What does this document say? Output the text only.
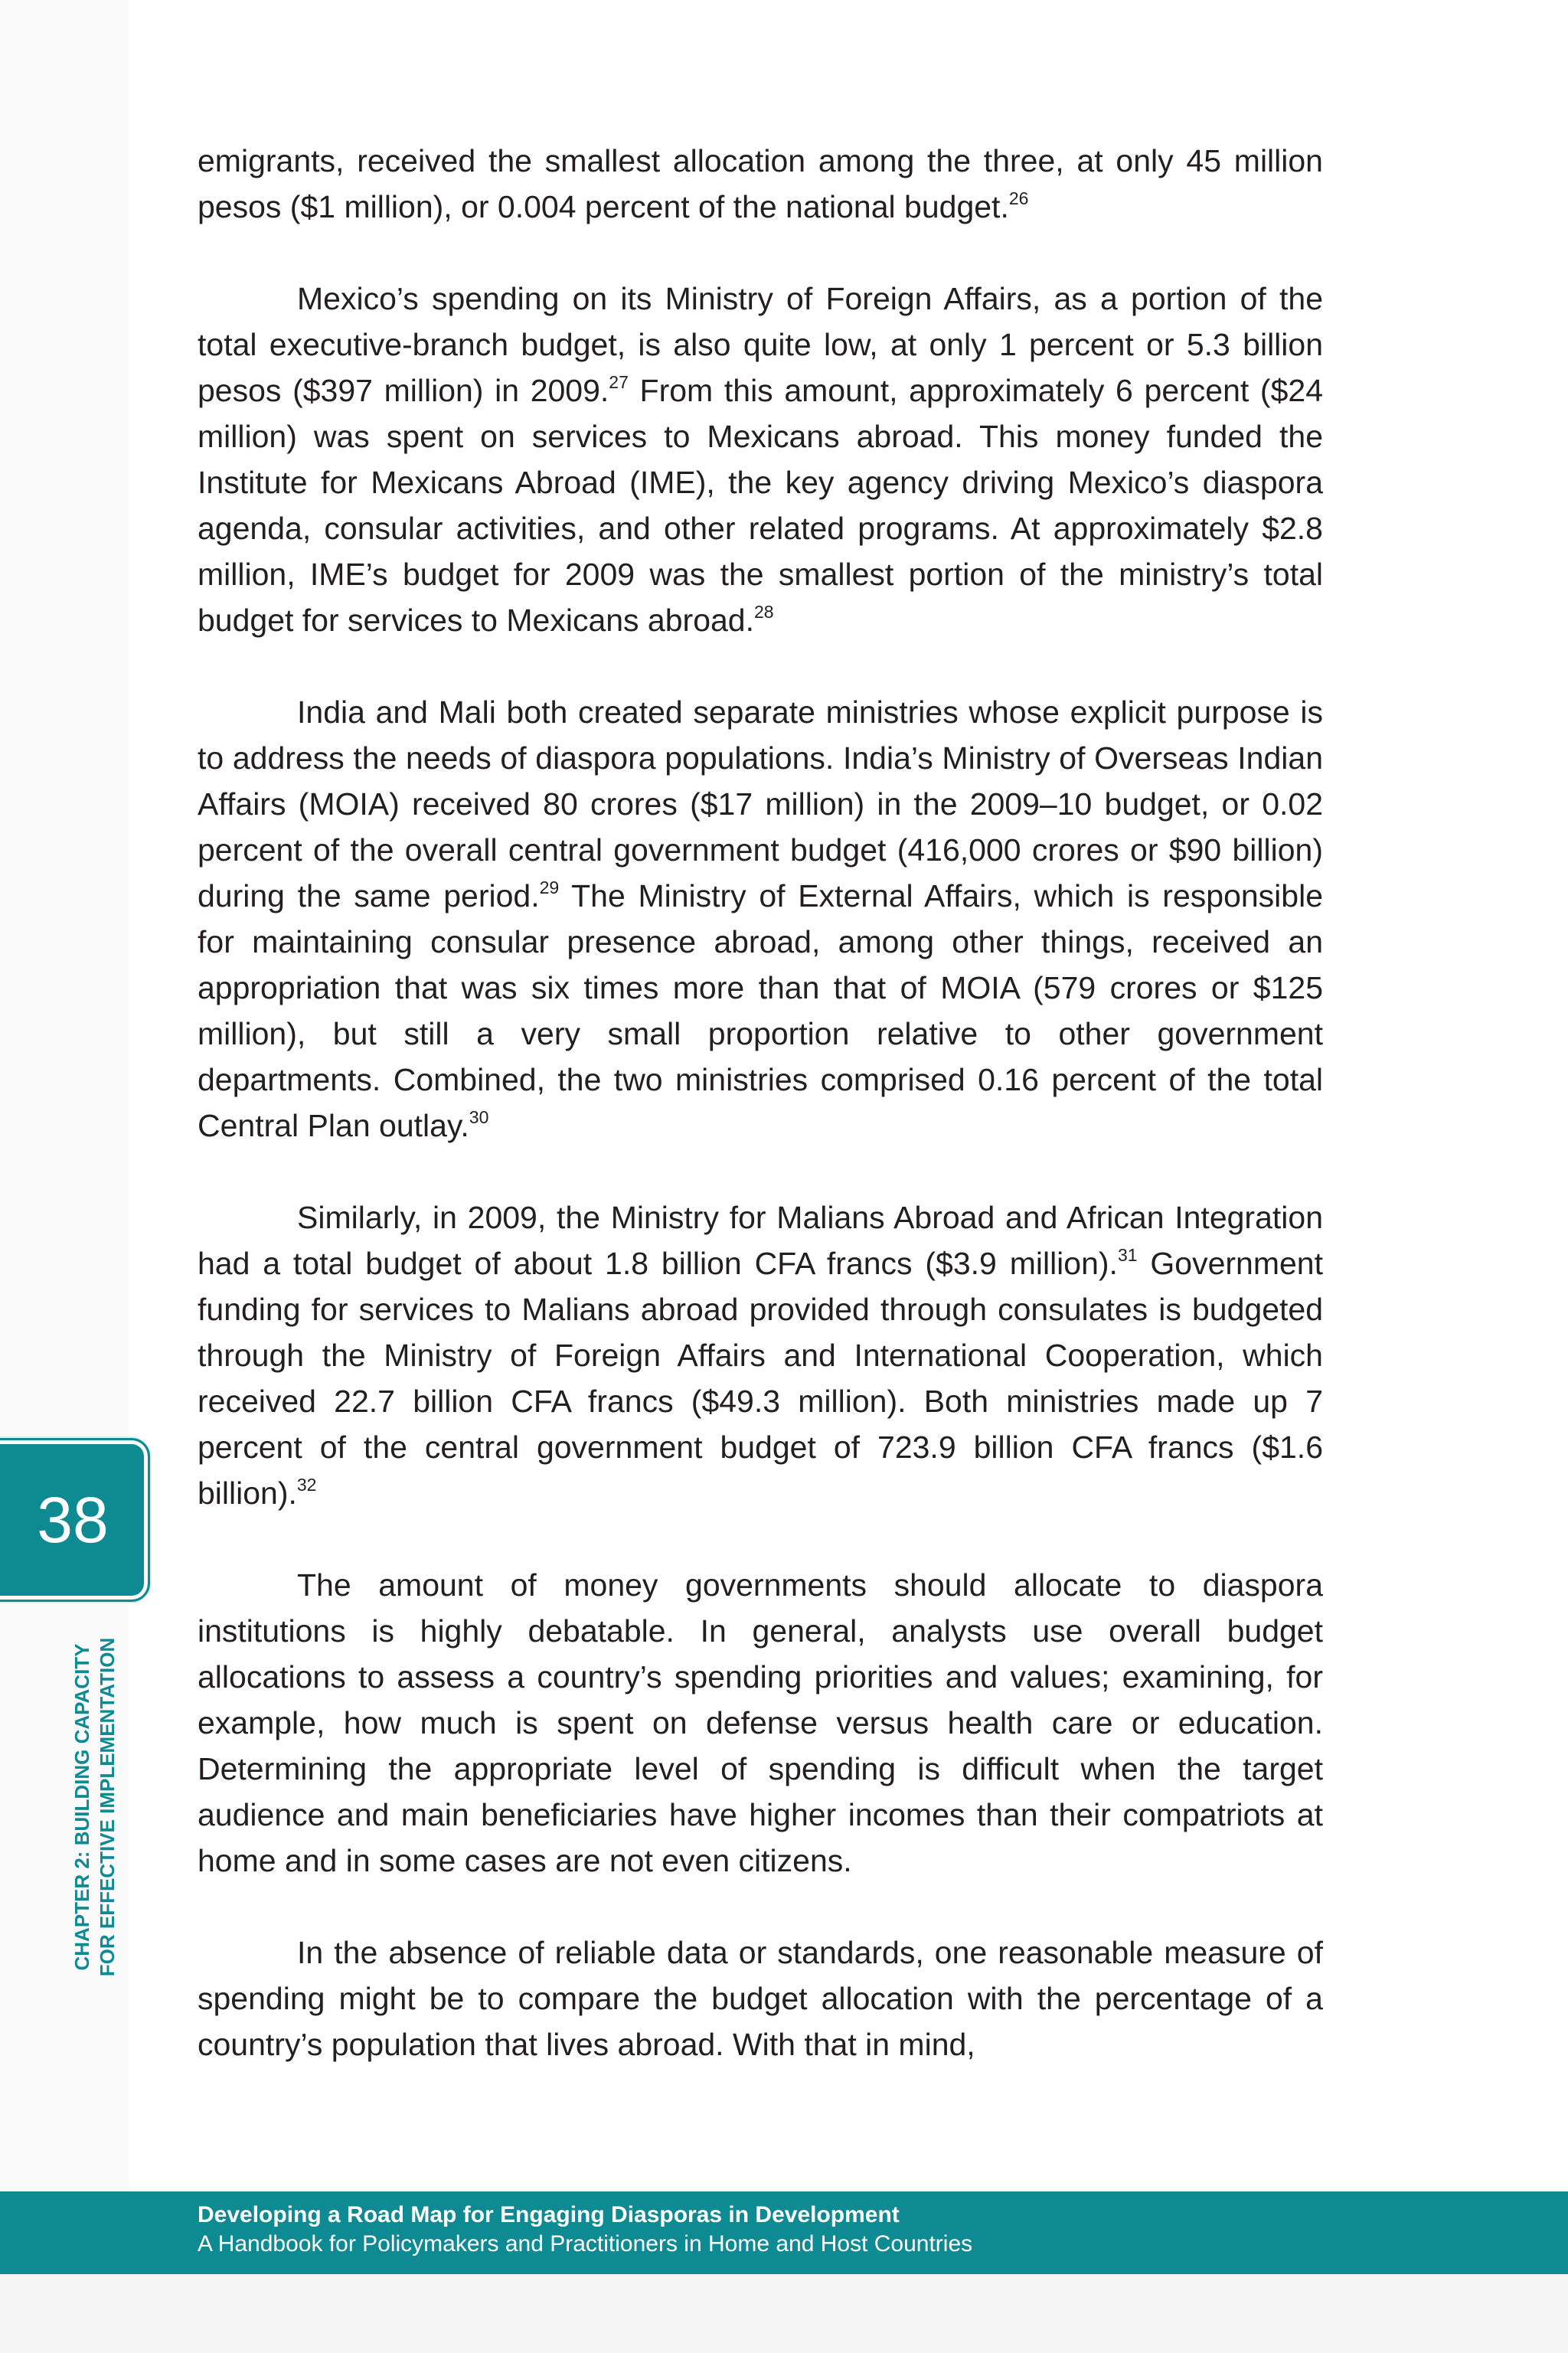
emigrants, received the smallest allocation among the three, at only 45 million pesos ($1 million), or 0.004 percent of the national budget.$^{26}$

Mexico’s spending on its Ministry of Foreign Affairs, as a portion of the total executive-branch budget, is also quite low, at only 1 percent or 5.3 billion pesos ($397 million) in 2009.27 From this amount, approximately 6 percent ($24 million) was spent on services to Mexicans abroad. This money funded the Institute for Mexicans Abroad (IME), the key agency driving Mexico’s diaspora agenda, consular activities, and other related programs. At approximately $2.8 million, IME’s budget for 2009 was the smallest portion of the ministry’s total budget for services to Mexicans abroad.$^{28}$

India and Mali both created separate ministries whose explicit purpose is to address the needs of diaspora populations. India’s Ministry of Overseas Indian Affairs (MOIA) received 80 crores ($17 million) in the 2009–10 budget, or 0.02 percent of the overall central government budget (416,000 crores or $90 billion) during the same period.$^{29}$ The Ministry of External Affairs, which is responsible for maintaining consular presence abroad, among other things, received an appropriation that was six times more than that of MOIA (579 crores or $125 million), but still a very small proportion relative to other government departments. Combined, the two ministries comprised 0.16 percent of the total Central Plan outlay.$^{30}$

Similarly, in 2009, the Ministry for Malians Abroad and African Integration had a total budget of about 1.8 billion CFA francs ($3.9 million).$^{31}$ Government funding for services to Malians abroad provided through consulates is budgeted through the Ministry of Foreign Affairs and International Cooperation, which received 22.7 billion CFA francs ($49.3 million). Both ministries made up 7 percent of the central government budget of 723.9 billion CFA francs ($1.6 billion).$^{32}$

The amount of money governments should allocate to diaspora institutions is highly debatable. In general, analysts use overall budget allocations to assess a country’s spending priorities and values; examining, for example, how much is spent on defense versus health care or education. Determining the appropriate level of spending is difficult when the target audience and main beneficiaries have higher incomes than their compatriots at home and in some cases are not even citizens.

In the absence of reliable data or standards, one reasonable measure of spending might be to compare the budget allocation with the percentage of a country’s population that lives abroad. With that in mind,

38
CHAPTER 2: BUILDING CAPACITY FOR EFFECTIVE IMPLEMENTATION
Developing a Road Map for Engaging Diasporas in Development
A Handbook for Policymakers and Practitioners in Home and Host Countries
